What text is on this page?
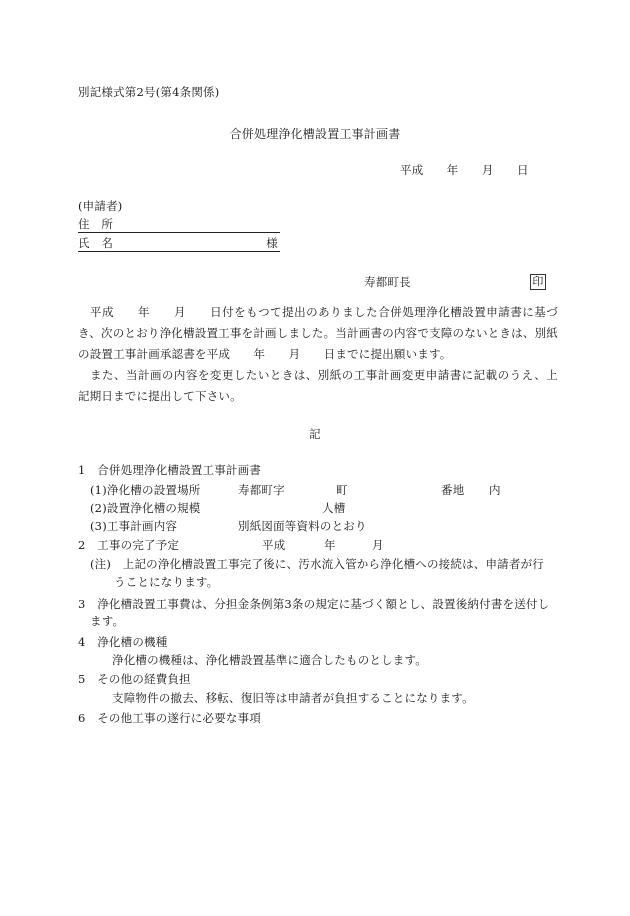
別記様式第2号(第4条関係)
合併処理浄化槽設置工事計画書
平成　　年　　月　　日
(申請者)
住　所
氏　名	様
寿都町長	印
　平成　　年　　月　　日付をもつて提出のありました合併処理浄化槽設置申請書に基づき、次のとおり浄化槽設置工事を計画しました。当計画書の内容で支障のないときは、別紙の設置工事計画承認書を平成　　年　　月　　日までに提出願います。
　また、当計画の内容を変更したいときは、別紙の工事計画変更申請書に記載のうえ、上記期日までに提出して下さい。
記
1　合併処理浄化槽設置工事計画書
(1)浄化槽の設置場所	寿都町字	町	番地 内
(2)設置浄化槽の規模	人槽
(3)工事計画内容	別紙図面等資料のとおり
2　工事の完了予定	平成	年	月
(注)　上記の浄化槽設置工事完了後に、汚水流入管から浄化槽への接続は、申請者が行
うことになります。
3　浄化槽設置工事費は、分担金条例第3条の規定に基づく額とし、設置後納付書を送付し
ます。
4　浄化槽の機種
浄化槽の機種は、浄化槽設置基準に適合したものとします。
5　その他の経費負担
支障物件の撤去、移転、復旧等は申請者が負担することになります。
6　その他工事の遂行に必要な事項
